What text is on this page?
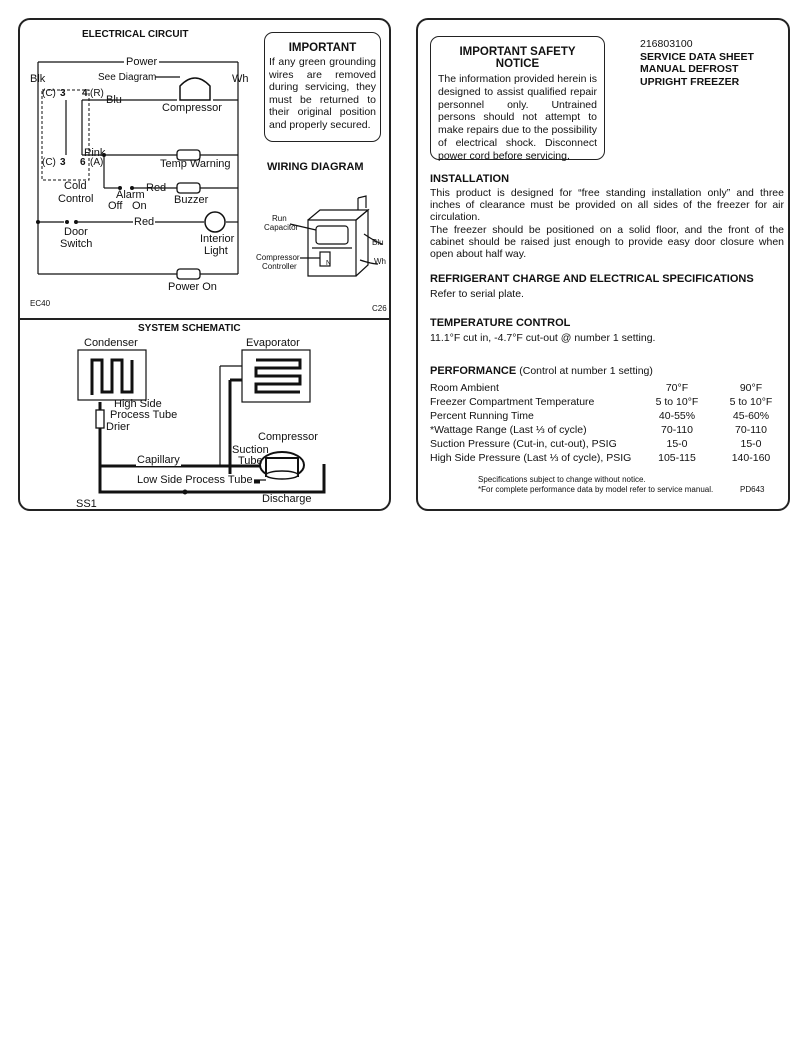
ELECTRICAL CIRCUIT
Power
Blk	Wh
See Diagram
(C) 3 4 (R)
Blu
Compressor
Pink
(C) 3 6 (A)	Temp Warning
Cold
Control Alarm
Off On
Red
Buzzer
Door
Switch
Red
Interior
Light
Power On
EC40
C26
IMPORTANT
If any green grounding wires are removed during servicing, they must be returned to their original position and properly secured.
WIRING DIAGRAM
Run
Capacitor
Compressor
Controller
Blu
Wh
N
SYSTEM SCHEMATIC
Condenser	Evaporator
High Side
Process Tube
Drier
Compressor
Suction
Tube
Capillary
Low Side Process Tube
SS1	Discharge
IMPORTANT SAFETY NOTICE
The information provided herein is designed to assist qualified repair personnel only. Untrained persons should not attempt to make repairs due to the possibility of electrical shock. Disconnect power cord before servicing.
216803100
SERVICE DATA SHEET
MANUAL DEFROST
UPRIGHT FREEZER
INSTALLATION
This product is designed for “free standing installation only” and three inches of clearance must be provided on all sides of the freezer for air circulation.
The freezer should be positioned on a solid floor, and the front of the cabinet should be raised just enough to provide easy door closure when open about half way.
REFRIGERANT CHARGE AND ELECTRICAL SPECIFICATIONS
Refer to serial plate.
TEMPERATURE CONTROL
11.1°F cut in, -4.7°F cut-out @ number 1 setting.
PERFORMANCE (Control at number 1 setting)
Room Ambient	70°F	90°F
Freezer Compartment Temperature	5 to 10°F	5 to 10°F
Percent Running Time	40-55%	45-60%
*Wattage Range (Last ⅓ of cycle)	70-110	70-110
Suction Pressure (Cut-in, cut-out), PSIG	15-0	15-0
High Side Pressure (Last ⅓ of cycle), PSIG	105-115	140-160
Specifications subject to change without notice.
*For complete performance data by model refer to service manual.	PD643
